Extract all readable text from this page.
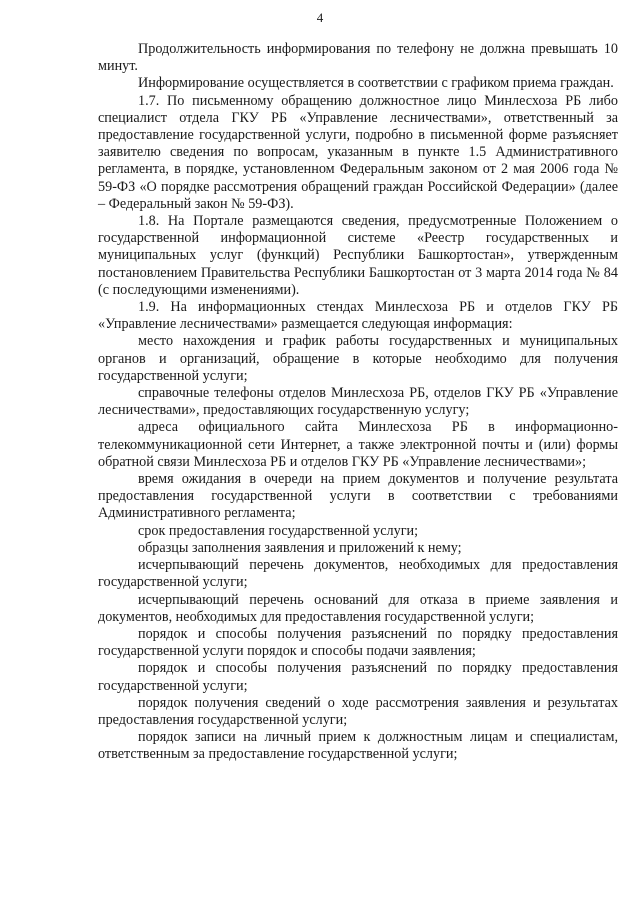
4

Продолжительность информирования по телефону не должна превышать 10 минут.

Информирование осуществляется в соответствии с графиком приема граждан.

1.7. По письменному обращению должностное лицо Минлесхоза РБ либо специалист отдела ГКУ РБ «Управление лесничествами», ответственный за предоставление государственной услуги, подробно в письменной форме разъясняет заявителю сведения по вопросам, указанным в пункте 1.5 Административного регламента, в порядке, установленном Федеральным законом от 2 мая 2006 года № 59-ФЗ «О порядке рассмотрения обращений граждан Российской Федерации» (далее – Федеральный закон № 59-ФЗ).

1.8. На Портале размещаются сведения, предусмотренные Положением о государственной информационной системе «Реестр государственных и муниципальных услуг (функций) Республики Башкортостан», утвержденным постановлением Правительства Республики Башкортостан от 3 марта 2014 года № 84 (с последующими изменениями).

1.9. На информационных стендах Минлесхоза РБ и отделов ГКУ РБ «Управление лесничествами» размещается следующая информация:

место нахождения и график работы государственных и муниципальных органов и организаций, обращение в которые необходимо для получения государственной услуги;

справочные телефоны отделов Минлесхоза РБ, отделов ГКУ РБ «Управление лесничествами», предоставляющих государственную услугу;

адреса официального сайта Минлесхоза РБ в информационно-телекоммуникационной сети Интернет, а также электронной почты и (или) формы обратной связи Минлесхоза РБ и отделов ГКУ РБ «Управление лесничествами»;

время ожидания в очереди на прием документов и получение результата предоставления государственной услуги в соответствии с требованиями Административного регламента;

срок предоставления государственной услуги;

образцы заполнения заявления и приложений к нему;

исчерпывающий перечень документов, необходимых для предоставления государственной услуги;

исчерпывающий перечень оснований для отказа в приеме заявления и документов, необходимых для предоставления государственной услуги;

порядок и способы получения разъяснений по порядку предоставления государственной услуги порядок и способы подачи заявления;

порядок и способы получения разъяснений по порядку предоставления государственной услуги;

порядок получения сведений о ходе рассмотрения заявления и результатах предоставления государственной услуги;

порядок записи на личный прием к должностным лицам и специалистам, ответственным за предоставление государственной услуги;
